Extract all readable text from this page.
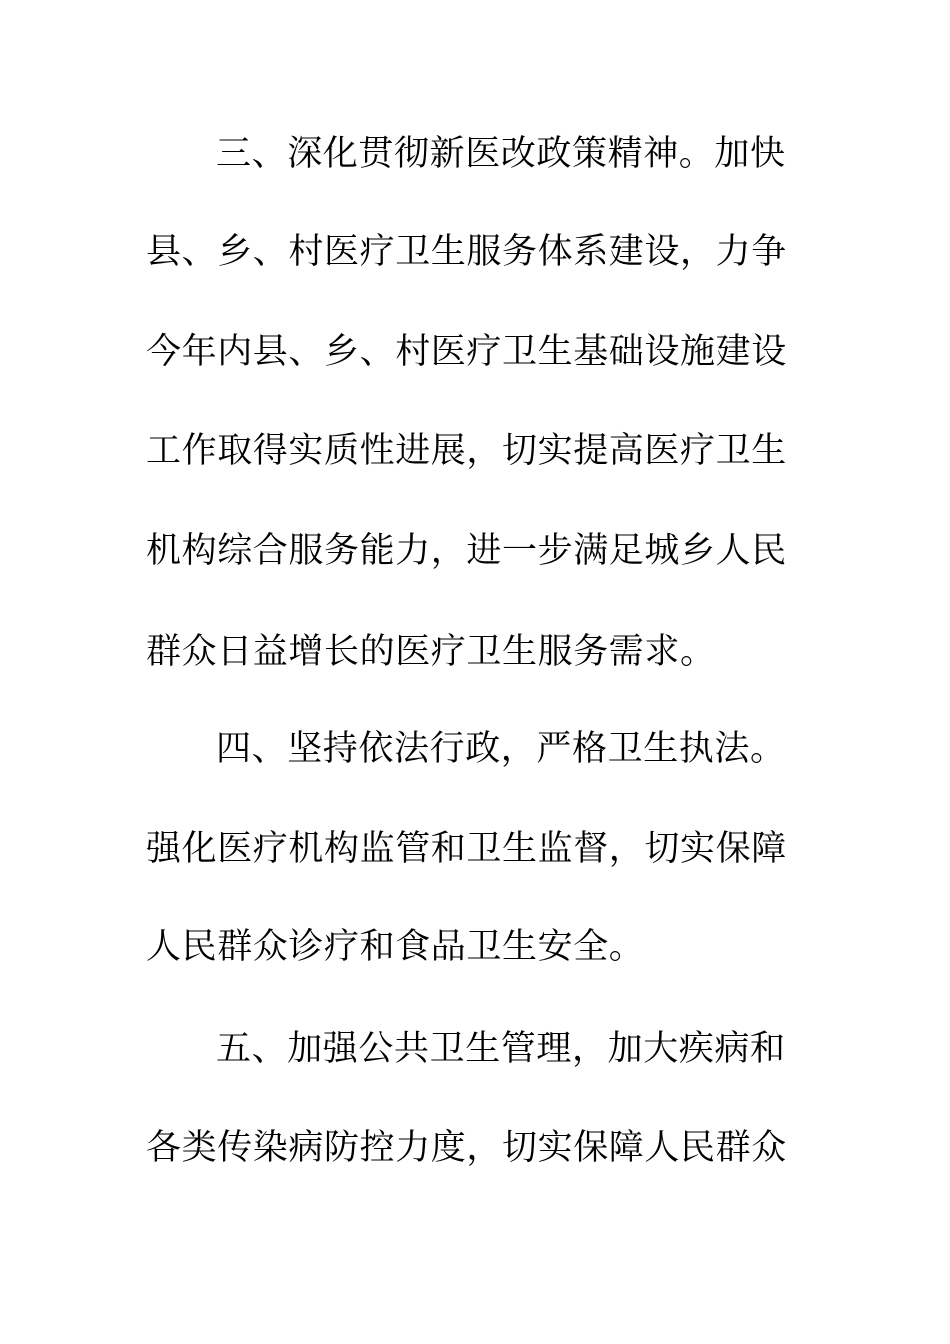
三、深化贯彻新医改政策精神。加快
县、乡、村医疗卫生服务体系建设，力争
今年内县、乡、村医疗卫生基础设施建设
工作取得实质性进展，切实提高医疗卫生
机构综合服务能力，进一步满足城乡人民
群众日益增长的医疗卫生服务需求。
四、坚持依法行政，严格卫生执法。
强化医疗机构监管和卫生监督，切实保障
人民群众诊疗和食品卫生安全。
五、加强公共卫生管理，加大疾病和
各类传染病防控力度，切实保障人民群众
